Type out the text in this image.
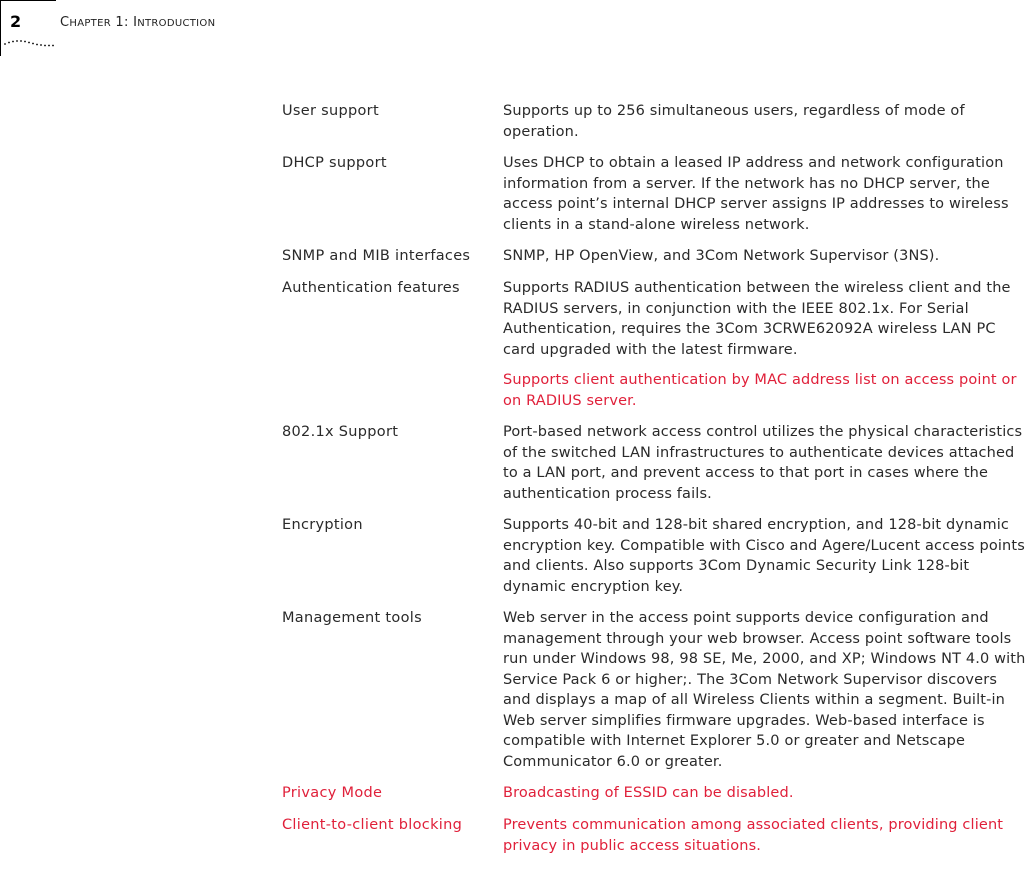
2	CHAPTER 1: INTRODUCTION
User support	Supports up to 256 simultaneous users, regardless of mode of operation.

DHCP support	Uses DHCP to obtain a leased IP address and network configuration information from a server. If the network has no DHCP server, the access point’s internal DHCP server assigns IP addresses to wireless clients in a stand-alone wireless network.

SNMP and MIB interfaces	SNMP, HP OpenView, and 3Com Network Supervisor (3NS).

Authentication features	Supports RADIUS authentication between the wireless client and the RADIUS servers, in conjunction with the IEEE 802.1x. For Serial Authentication, requires the 3Com 3CRWE62092A wireless LAN PC card upgraded with the latest firmware.

Supports client authentication by MAC address list on access point or on RADIUS server.

802.1x Support	Port-based network access control utilizes the physical characteristics of the switched LAN infrastructures to authenticate devices attached to a LAN port, and prevent access to that port in cases where the authentication process fails.

Encryption	Supports 40-bit and 128-bit shared encryption, and 128-bit dynamic encryption key. Compatible with Cisco and Agere/Lucent access points and clients. Also supports 3Com Dynamic Security Link 128-bit dynamic encryption key.

Management tools	Web server in the access point supports device configuration and management through your web browser. Access point software tools run under Windows 98, 98 SE, Me, 2000, and XP; Windows NT 4.0 with Service Pack 6 or higher;. The 3Com Network Supervisor discovers and displays a map of all Wireless Clients within a segment. Built-in Web server simplifies firmware upgrades. Web-based interface is compatible with Internet Explorer 5.0 or greater and Netscape Communicator 6.0 or greater.

Privacy Mode	Broadcasting of ESSID can be disabled.

Client-to-client blocking	Prevents communication among associated clients, providing client privacy in public access situations.
